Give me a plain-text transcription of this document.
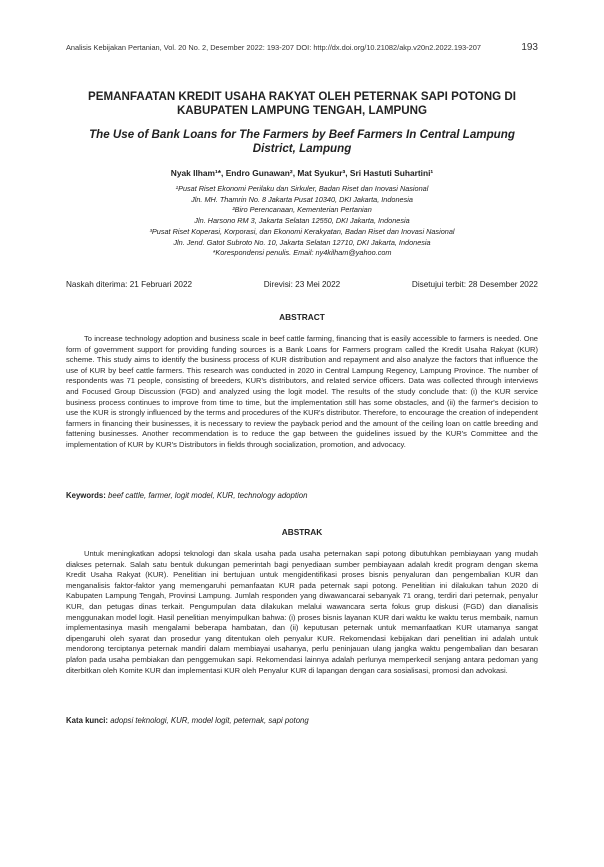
Analisis Kebijakan Pertanian, Vol. 20 No. 2, Desember 2022: 193-207 DOI: http://dx.doi.org/10.21082/akp.v20n2.2022.193-207	193
PEMANFAATAN KREDIT USAHA RAKYAT OLEH PETERNAK SAPI POTONG DI KABUPATEN LAMPUNG TENGAH, LAMPUNG
The Use of Bank Loans for The Farmers by Beef Farmers In Central Lampung District, Lampung
Nyak Ilham¹*, Endro Gunawan², Mat Syukur³, Sri Hastuti Suhartini¹
¹Pusat Riset Ekonomi Perilaku dan Sirkuler, Badan Riset dan Inovasi Nasional
Jln. MH. Thamrin No. 8 Jakarta Pusat 10340, DKI Jakarta, Indonesia
²Biro Perencanaan, Kementerian Pertanian
Jln. Harsono RM 3, Jakarta Selatan 12550, DKI Jakarta, Indonesia
³Pusat Riset Koperasi, Korporasi, dan Ekonomi Kerakyatan, Badan Riset dan Inovasi Nasional
Jln. Jend. Gatot Subroto No. 10, Jakarta Selatan 12710, DKI Jakarta, Indonesia
*Korespondensi penulis. Email: ny4kilham@yahoo.com
Naskah diterima: 21 Februari 2022	Direvisi: 23 Mei 2022	Disetujui terbit: 28 Desember 2022
ABSTRACT
To increase technology adoption and business scale in beef cattle farming, financing that is easily accessible to farmers is needed. One form of government support for providing funding sources is a Bank Loans for Farmers program called the Kredit Usaha Rakyat (KUR) scheme. This study aims to identify the business process of KUR distribution and repayment and also analyze the factors that influence the use of KUR by beef cattle farmers. This research was conducted in 2020 in Central Lampung Regency, Lampung Province. The number of respondents was 71 people, consisting of breeders, KUR's distributors, and related service officers. Data was collected through interviews and Focused Group Discussion (FGD) and analyzed using the logit model. The results of the study conclude that: (i) the KUR service business process continues to improve from time to time, but the implementation still has some obstacles, and (ii) the farmer's decision to use the KUR is strongly influenced by the terms and procedures of the KUR's distributor. Therefore, to encourage the creation of independent farmers in financing their businesses, it is necessary to review the payback period and the amount of the ceiling loan on cattle breeding and fattening businesses. Another recommendation is to reduce the gap between the guidelines issued by the KUR's Committee and the implementation of KUR by KUR's Distributors in fields through socialization, promotion, and advocacy.
Keywords: beef cattle, farmer, logit model, KUR, technology adoption
ABSTRAK
Untuk meningkatkan adopsi teknologi dan skala usaha pada usaha peternakan sapi potong dibutuhkan pembiayaan yang mudah diakses peternak. Salah satu bentuk dukungan pemerintah bagi penyediaan sumber pembiayaan adalah kredit program dengan skema Kredit Usaha Rakyat (KUR). Penelitian ini bertujuan untuk mengidentifikasi proses bisnis penyaluran dan pengembalian KUR dan menganalisis faktor-faktor yang memengaruhi pemanfaatan KUR pada peternak sapi potong. Penelitian ini dilakukan tahun 2020 di Kabupaten Lampung Tengah, Provinsi Lampung. Jumlah responden yang diwawancarai sebanyak 71 orang, terdiri dari peternak, penyalur KUR, dan petugas dinas terkait. Pengumpulan data dilakukan melalui wawancara serta fokus grup diskusi (FGD) dan dianalisis menggunakan model logit. Hasil penelitian menyimpulkan bahwa: (i) proses bisnis layanan KUR dari waktu ke waktu terus membaik, namun implementasinya masih mengalami beberapa hambatan, dan (ii) keputusan peternak untuk memanfaatkan KUR utamanya sangat dipengaruhi oleh syarat dan prosedur yang ditentukan oleh penyalur KUR. Rekomendasi kebijakan dari penelitian ini adalah untuk mendorong terciptanya peternak mandiri dalam membiayai usahanya, perlu peninjauan ulang jangka waktu pengembalian dan besaran plafon pada usaha pembiakan dan penggemukan sapi. Rekomendasi lainnya adalah perlunya memperkecil senjang antara pedoman yang diterbitkan oleh Komite KUR dan implementasi KUR oleh Penyalur KUR di lapangan dengan cara sosialisasi, promosi dan advokasi.
Kata kunci: adopsi teknologi, KUR, model logit, peternak, sapi potong
